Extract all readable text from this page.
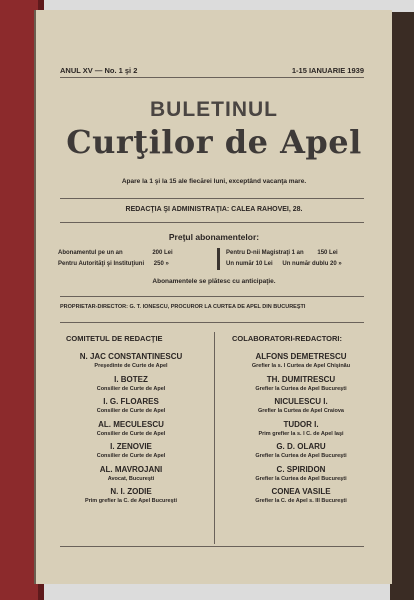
ANUL XV — No. 1 şi 2	1-15 IANUARIE 1939
BULETINUL
Curţilor de Apel
Apare la 1 şi la 15 ale fiecărei luni, exceptând vacanţa mare.
REDACŢIA ŞI ADMINISTRAŢIA: CALEA RAHOVEI, 28.
Preţul abonamentelor:
Abonamentul pe un an	200 Lei
Pentru Autorităţi şi Instituţiuni 250 »
Pentru D-nii Magistraţi 1 an 150 Lei
Un număr 10 Lei Un număr dublu 20 »
Abonamentele se plătesc cu anticipaţie.
PROPRIETAR-DIRECTOR: G. T. IONESCU, PROCUROR LA CURTEA DE APEL DIN BUCUREŞTI
COMITETUL DE REDACŢIE	COLABORATORI-REDACTORI:
N. JAC CONSTANTINESCU
Preşedinte de Curte de Apel
I. BOTEZ
Consilier de Curte de Apel
I. G. FLOARES
Consilier de Curte de Apel
AL. MECULESCU
Consilier de Curte de Apel
I. ZENOVIE
Consilier de Curte de Apel
AL. MAVROJANI
Avocat, Bucureşti
N. I. ZODIE
Prim grefier la C. de Apel Bucureşti
ALFONS DEMETRESCU
Grefier la s. I Curtea de Apel Chişinău
TH. DUMITRESCU
Grefier la Curtea de Apel Bucureşti
NICULESCU I.
Grefier la Curtea de Apel Craiova
TUDOR I.
Prim grefier la s. I C. de Apel Iaşi
G. D. OLARU
Grefier la Curtea de Apel Bucureşti
C. SPIRIDON
Grefier la Curtea de Apel Bucureşti
CONEA VASILE
Grefier la C. de Apel s. III Bucureşti
